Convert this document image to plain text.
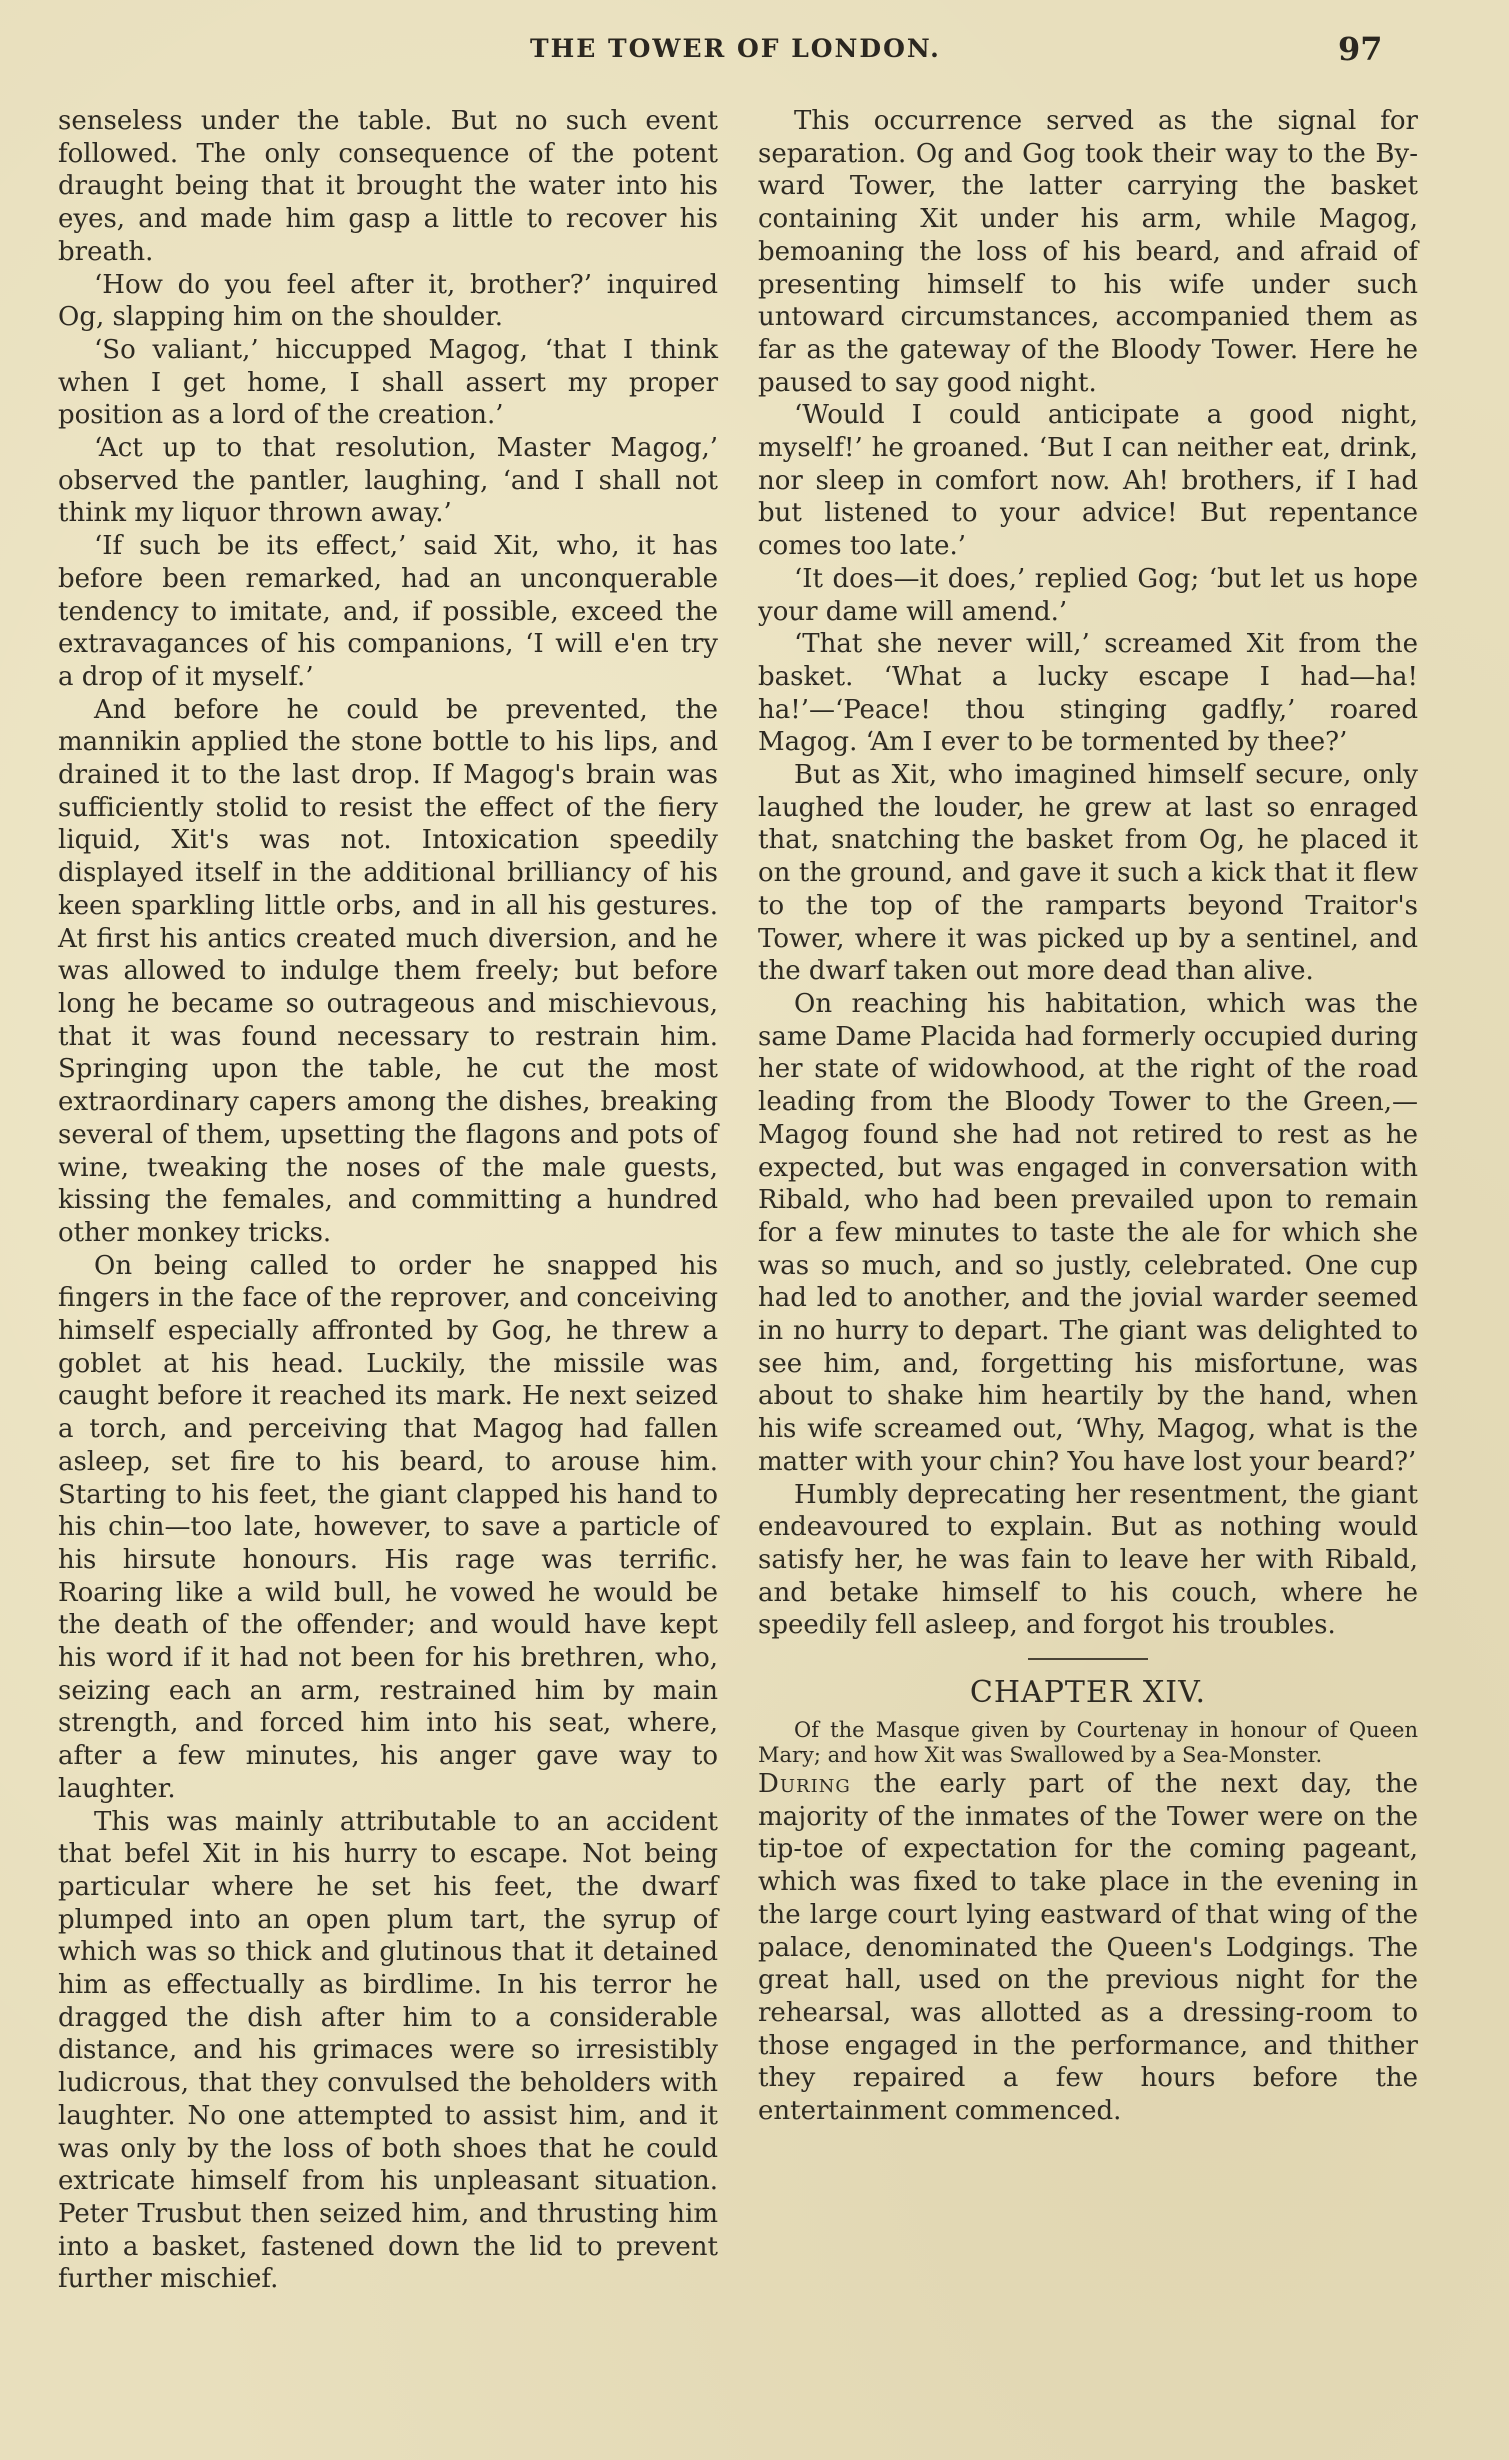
THE TOWER OF LONDON.	97

senseless under the table. But no such event followed. The only consequence of the potent draught being that it brought the water into his eyes, and made him gasp a little to recover his breath.

‘How do you feel after it, brother?’ inquired Og, slapping him on the shoulder.

‘So valiant,’ hiccupped Magog, ‘that I think when I get home, I shall assert my proper position as a lord of the creation.’

‘Act up to that resolution, Master Magog,’ observed the pantler, laughing, ‘and I shall not think my liquor thrown away.’

‘If such be its effect,’ said Xit, who, it has before been remarked, had an unconquerable tendency to imitate, and, if possible, exceed the extravagances of his companions, ‘I will e'en try a drop of it myself.’

And before he could be prevented, the mannikin applied the stone bottle to his lips, and drained it to the last drop. If Magog's brain was sufficiently stolid to resist the effect of the fiery liquid, Xit's was not. Intoxication speedily displayed itself in the additional brilliancy of his keen sparkling little orbs, and in all his gestures. At first his antics created much diversion, and he was allowed to indulge them freely; but before long he became so outrageous and mischievous, that it was found necessary to restrain him. Springing upon the table, he cut the most extraordinary capers among the dishes, breaking several of them, upsetting the flagons and pots of wine, tweaking the noses of the male guests, kissing the females, and committing a hundred other monkey tricks.

On being called to order he snapped his fingers in the face of the reprover, and conceiving himself especially affronted by Gog, he threw a goblet at his head. Luckily, the missile was caught before it reached its mark. He next seized a torch, and perceiving that Magog had fallen asleep, set fire to his beard, to arouse him. Starting to his feet, the giant clapped his hand to his chin—too late, however, to save a particle of his hirsute honours. His rage was terrific. Roaring like a wild bull, he vowed he would be the death of the offender; and would have kept his word if it had not been for his brethren, who, seizing each an arm, restrained him by main strength, and forced him into his seat, where, after a few minutes, his anger gave way to laughter.

This was mainly attributable to an accident that befel Xit in his hurry to escape. Not being particular where he set his feet, the dwarf plumped into an open plum tart, the syrup of which was so thick and glutinous that it detained him as effectually as birdlime. In his terror he dragged the dish after him to a considerable distance, and his grimaces were so irresistibly ludicrous, that they convulsed the beholders with laughter. No one attempted to assist him, and it was only by the loss of both shoes that he could extricate himself from his unpleasant situation. Peter Trusbut then seized him, and thrusting him into a basket, fastened down the lid to prevent further mischief.

This occurrence served as the signal for separation. Og and Gog took their way to the By-ward Tower, the latter carrying the basket containing Xit under his arm, while Magog, bemoaning the loss of his beard, and afraid of presenting himself to his wife under such untoward circumstances, accompanied them as far as the gateway of the Bloody Tower. Here he paused to say good night.

‘Would I could anticipate a good night, myself!’ he groaned. ‘But I can neither eat, drink, nor sleep in comfort now. Ah! brothers, if I had but listened to your advice! But repentance comes too late.’

‘It does—it does,’ replied Gog; ‘but let us hope your dame will amend.’

‘That she never will,’ screamed Xit from the basket. ‘What a lucky escape I had—ha! ha!’—‘Peace! thou stinging gadfly,’ roared Magog. ‘Am I ever to be tormented by thee?’

But as Xit, who imagined himself secure, only laughed the louder, he grew at last so enraged that, snatching the basket from Og, he placed it on the ground, and gave it such a kick that it flew to the top of the ramparts beyond Traitor's Tower, where it was picked up by a sentinel, and the dwarf taken out more dead than alive.

On reaching his habitation, which was the same Dame Placida had formerly occupied during her state of widowhood, at the right of the road leading from the Bloody Tower to the Green,—Magog found she had not retired to rest as he expected, but was engaged in conversation with Ribald, who had been prevailed upon to remain for a few minutes to taste the ale for which she was so much, and so justly, celebrated. One cup had led to another, and the jovial warder seemed in no hurry to depart. The giant was delighted to see him, and, forgetting his misfortune, was about to shake him heartily by the hand, when his wife screamed out, ‘Why, Magog, what is the matter with your chin? You have lost your beard?’

Humbly deprecating her resentment, the giant endeavoured to explain. But as nothing would satisfy her, he was fain to leave her with Ribald, and betake himself to his couch, where he speedily fell asleep, and forgot his troubles.

CHAPTER XIV.

Of the Masque given by Courtenay in honour of Queen Mary; and how Xit was Swallowed by a Sea-Monster.

During the early part of the next day, the majority of the inmates of the Tower were on the tip-toe of expectation for the coming pageant, which was fixed to take place in the evening in the large court lying eastward of that wing of the palace, denominated the Queen's Lodgings. The great hall, used on the previous night for the rehearsal, was allotted as a dressing-room to those engaged in the performance, and thither they repaired a few hours before the entertainment commenced.
